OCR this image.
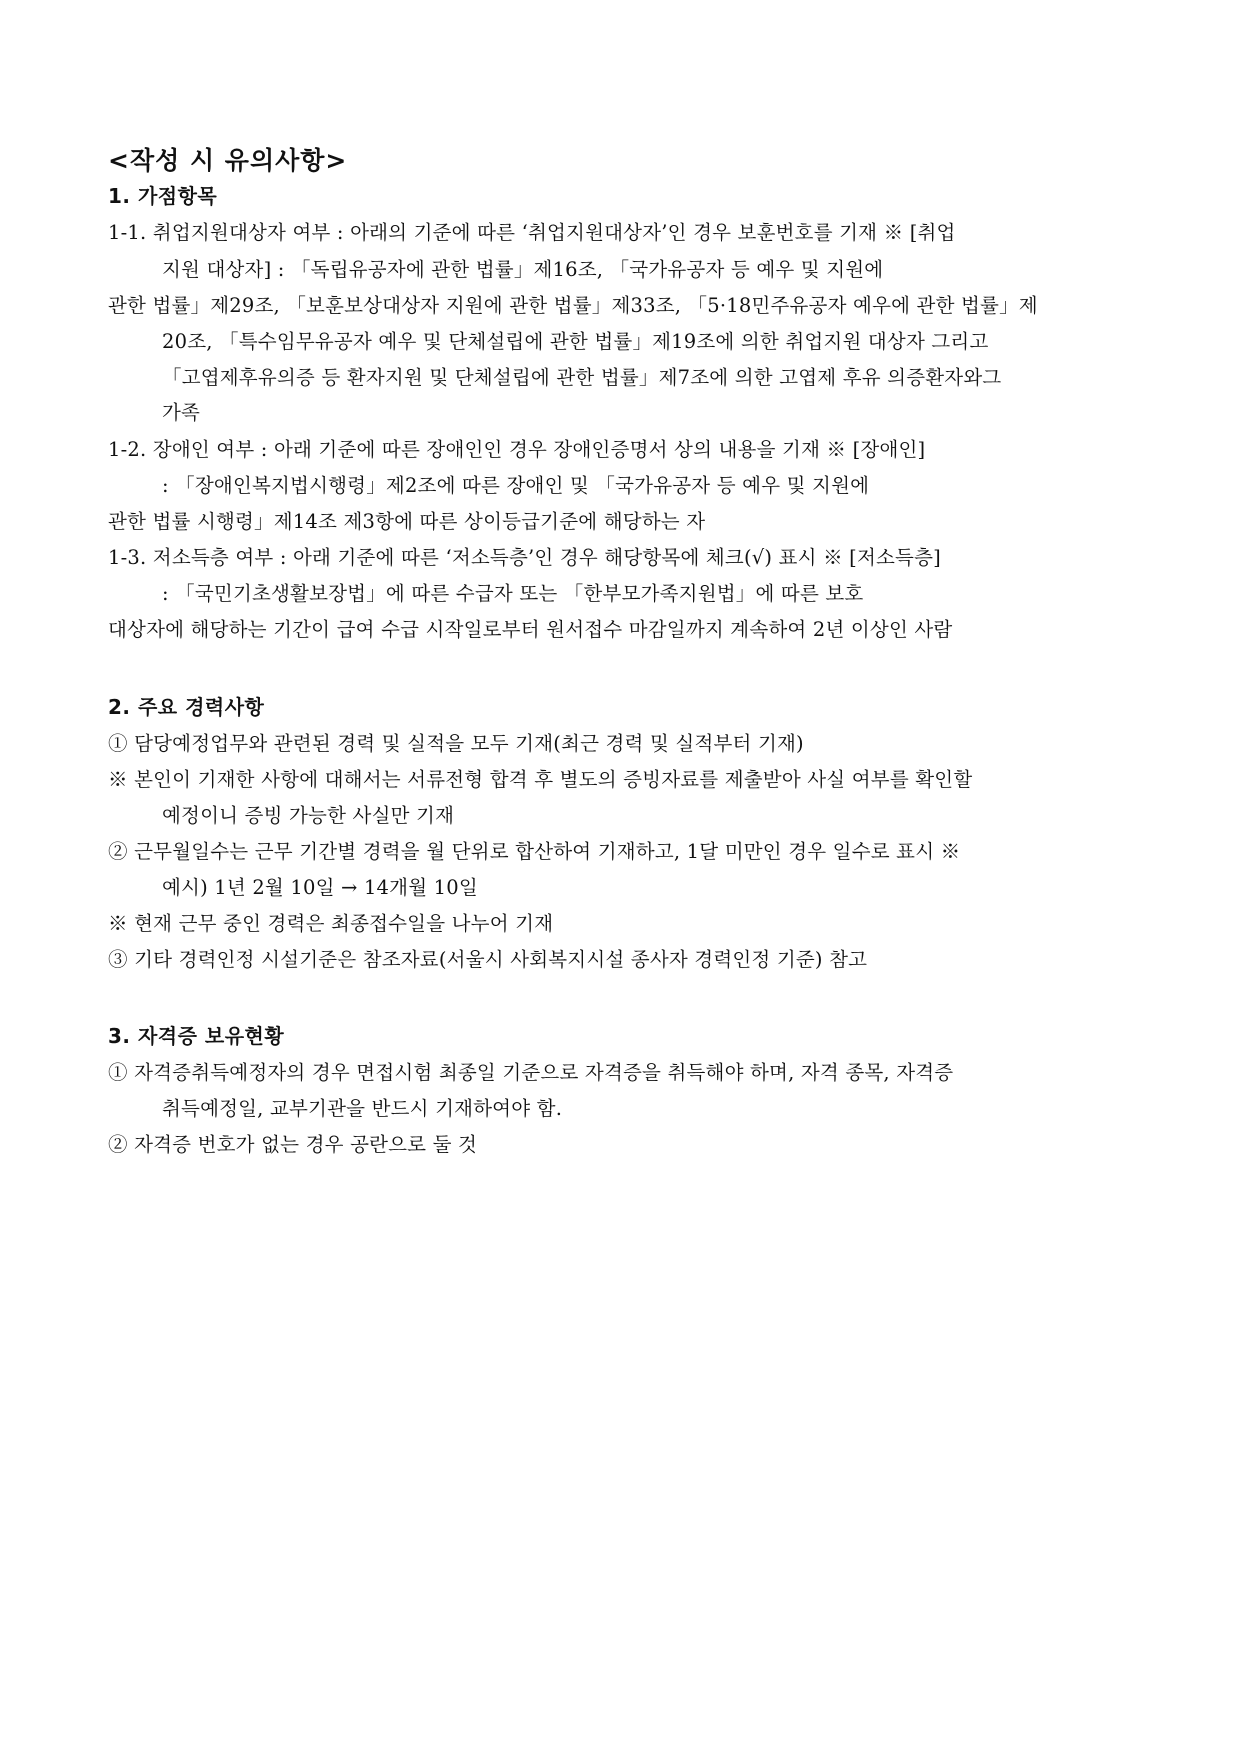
<작성 시 유의사항>
1. 가점항목
1-1. 취업지원대상자 여부 : 아래의 기준에 따른 ‘취업지원대상자’인 경우 보훈번호를 기재 ※ [취업
지원 대상자] : 「독립유공자에 관한 법률」제16조, 「국가유공자 등 예우 및 지원에
관한 법률」제29조, 「보훈보상대상자 지원에 관한 법률」제33조, 「5·18민주유공자 예우에 관한 법률」제
20조, 「특수임무유공자 예우 및 단체설립에 관한 법률」제19조에 의한 취업지원 대상자 그리고
「고엽제후유의증 등 환자지원 및 단체설립에 관한 법률」제7조에 의한 고엽제 후유 의증환자와그
가족
1-2. 장애인 여부 : 아래 기준에 따른 장애인인 경우 장애인증명서 상의 내용을 기재 ※ [장애인]
: 「장애인복지법시행령」제2조에 따른 장애인 및 「국가유공자 등 예우 및 지원에
관한 법률 시행령」제14조 제3항에 따른 상이등급기준에 해당하는 자
1-3. 저소득층 여부 : 아래 기준에 따른 ‘저소득층’인 경우 해당항목에 체크(√) 표시 ※ [저소득층]
: 「국민기초생활보장법」에 따른 수급자 또는 「한부모가족지원법」에 따른 보호
대상자에 해당하는 기간이 급여 수급 시작일로부터 원서접수 마감일까지 계속하여 2년 이상인 사람
2. 주요 경력사항
① 담당예정업무와 관련된 경력 및 실적을 모두 기재(최근 경력 및 실적부터 기재)
※ 본인이 기재한 사항에 대해서는 서류전형 합격 후 별도의 증빙자료를 제출받아 사실 여부를 확인할
예정이니 증빙 가능한 사실만 기재
② 근무월일수는 근무 기간별 경력을 월 단위로 합산하여 기재하고, 1달 미만인 경우 일수로 표시 ※
예시) 1년 2월 10일 → 14개월 10일
※ 현재 근무 중인 경력은 최종접수일을 나누어 기재
③ 기타 경력인정 시설기준은 참조자료(서울시 사회복지시설 종사자 경력인정 기준) 참고
3. 자격증 보유현황
① 자격증취득예정자의 경우 면접시험 최종일 기준으로 자격증을 취득해야 하며, 자격 종목, 자격증
취득예정일, 교부기관을 반드시 기재하여야 함.
② 자격증 번호가 없는 경우 공란으로 둘 것
